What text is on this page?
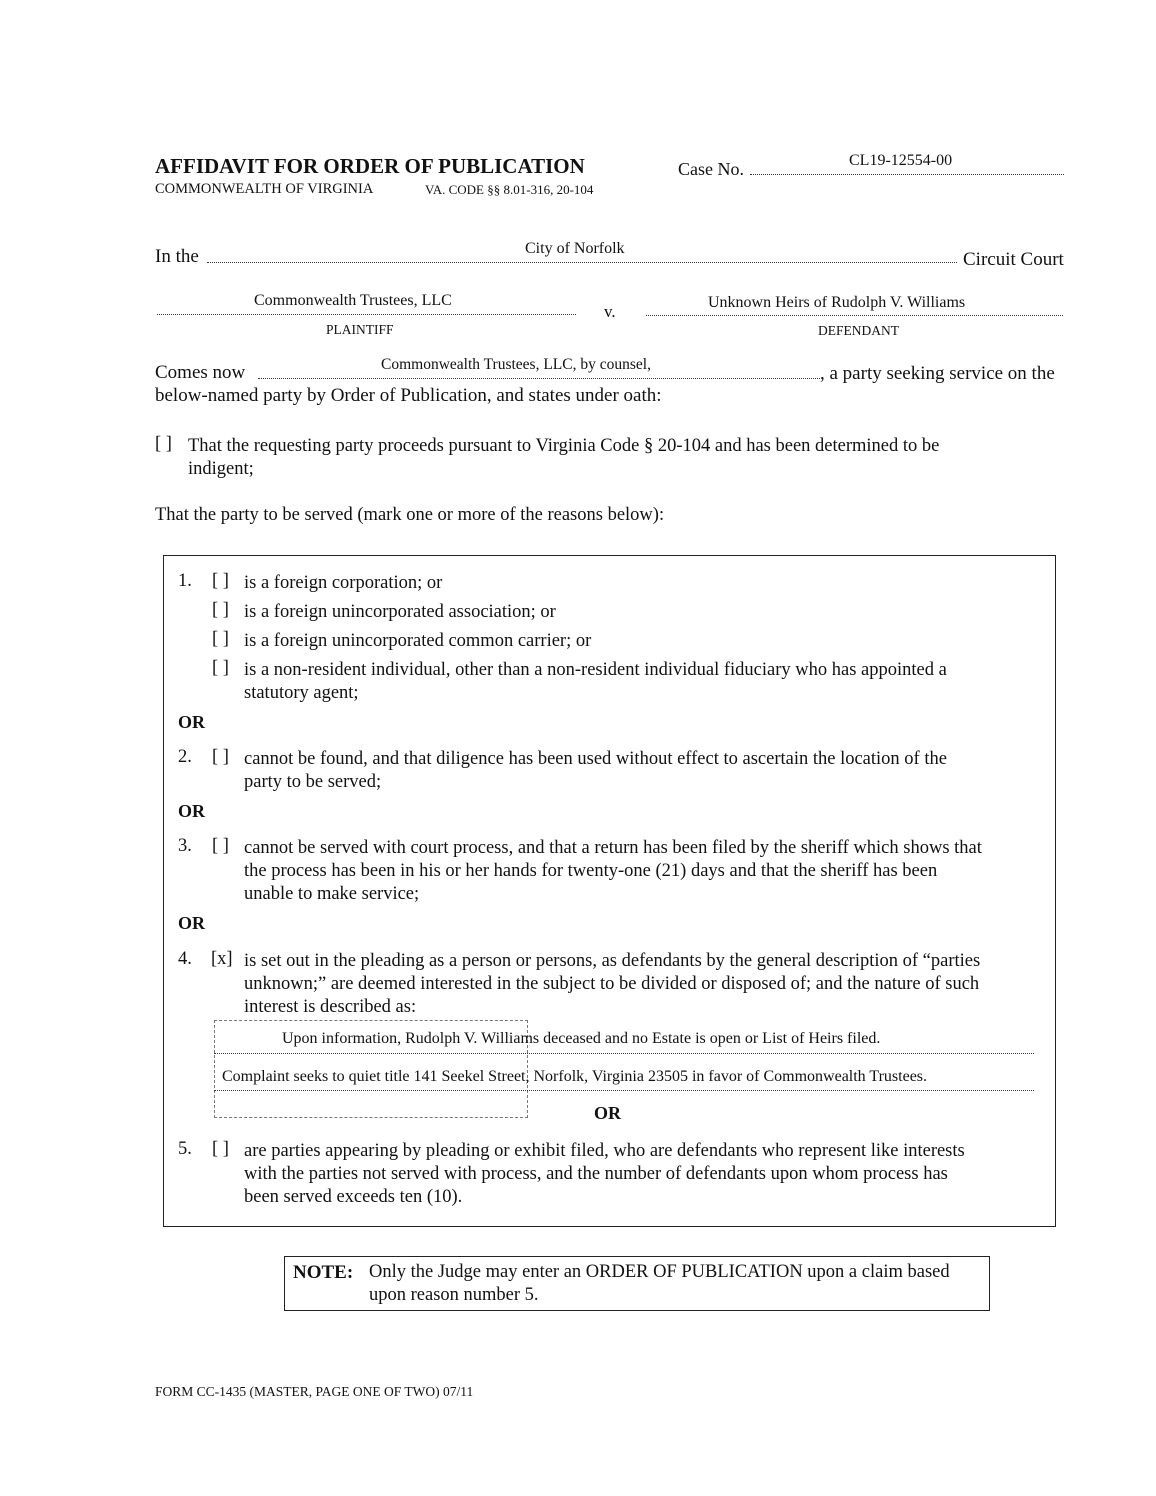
AFFIDAVIT FOR ORDER OF PUBLICATION
COMMONWEALTH OF VIRGINIA	VA. CODE §§ 8.01-316, 20-104
Case No.	CL19-12554-00
In the	City of Norfolk
Circuit Court
Commonwealth Trustees, LLC
PLAINTIFF
v.	Unknown Heirs of Rudolph V. Williams
DEFENDANT
Comes now	Commonwealth Trustees, LLC, by counsel,	, a party seeking service on the
below-named party by Order of Publication, and states under oath:
[ ] That the requesting party proceeds pursuant to Virginia Code § 20-104 and has been determined to be
indigent;
That the party to be served (mark one or more of the reasons below):
1. [ ] is a foreign corporation; or
[ ] is a foreign unincorporated association; or
[ ] is a foreign unincorporated common carrier; or
[ ] is a non-resident individual, other than a non-resident individual fiduciary who has appointed a
statutory agent;
OR
2. [ ] cannot be found, and that diligence has been used without effect to ascertain the location of the
party to be served;
OR
3. [ ] cannot be served with court process, and that a return has been filed by the sheriff which shows that
the process has been in his or her hands for twenty-one (21) days and that the sheriff has been
unable to make service;
OR
4. [x] is set out in the pleading as a person or persons, as defendants by the general description of “parties
unknown;” are deemed interested in the subject to be divided or disposed of; and the nature of such
interest is described as:
Upon information, Rudolph V. Williams deceased and no Estate is open or List of Heirs filed.
Complaint seeks to quiet title 141 Seekel Street, Norfolk, Virginia 23505 in favor of Commonwealth Trustees.
OR
5. [ ] are parties appearing by pleading or exhibit filed, who are defendants who represent like interests
with the parties not served with process, and the number of defendants upon whom process has
been served exceeds ten (10).
NOTE: Only the Judge may enter an ORDER OF PUBLICATION upon a claim based
upon reason number 5.
FORM CC-1435 (MASTER, PAGE ONE OF TWO) 07/11
